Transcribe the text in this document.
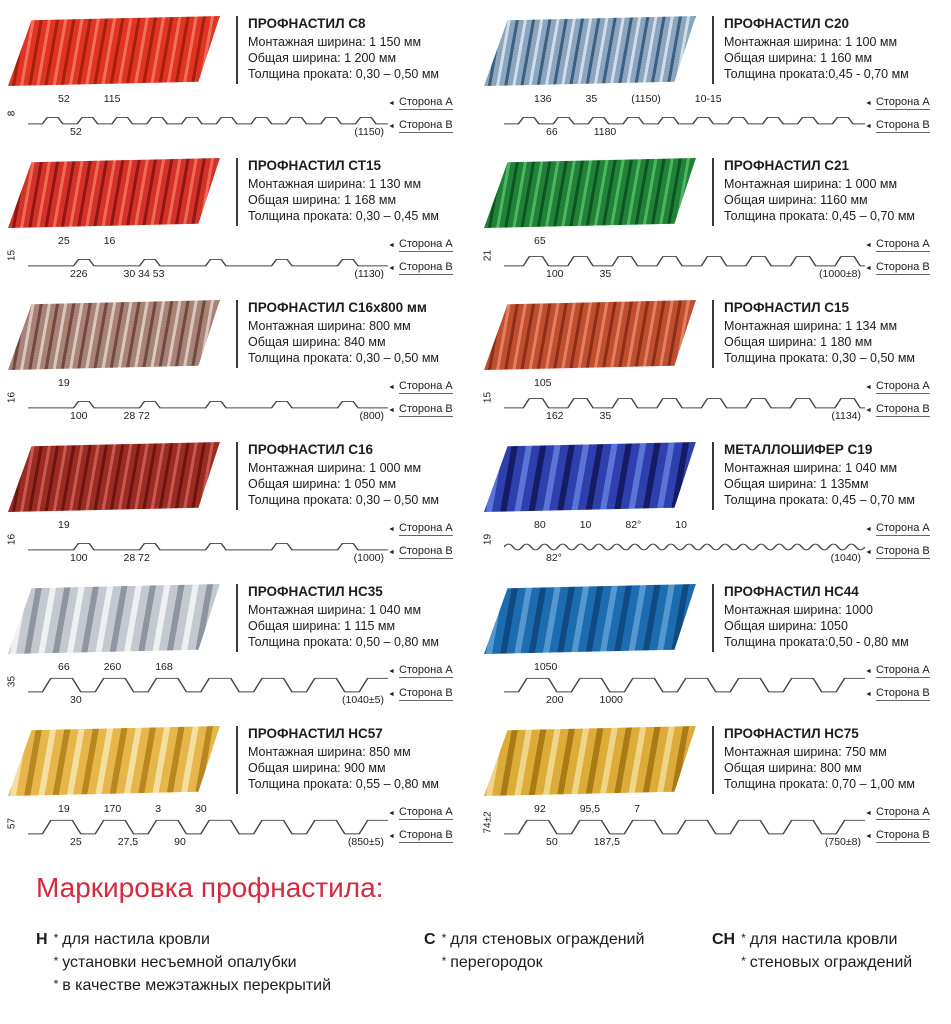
ПРОФНАСТИЛ С8
Монтажная ширина: 1 150 мм
Общая ширина: 1 200 мм
Толщина проката: 0,30 – 0,50 мм
8
52	115
52	(1150)
◄ Сторона А
◄ Сторона В
ПРОФНАСТИЛ С20
Монтажная ширина: 1 100 мм
Общая ширина: 1 160 мм
Толщина проката:0,45 - 0,70 мм
136	35	(1150)	10-15
66	1180
◄ Сторона А
◄ Сторона В
ПРОФНАСТИЛ СТ15
Монтажная ширина: 1 130 мм
Общая ширина: 1 168 мм
Толщина проката: 0,30 – 0,45 мм
15
25	16
226	30 34 53	(1130)
◄ Сторона А
◄ Сторона В
ПРОФНАСТИЛ С21
Монтажная ширина: 1 000 мм
Общая ширина: 1160 мм
Толщина проката: 0,45 – 0,70 мм
21
65
100	35	(1000±8)
◄ Сторона А
◄ Сторона В
ПРОФНАСТИЛ С16х800 мм
Монтажная ширина: 800 мм
Общая ширина: 840 мм
Толщина проката: 0,30 – 0,50 мм
16
19
100	28 72	(800)
◄ Сторона А
◄ Сторона В
ПРОФНАСТИЛ С15
Монтажная ширина: 1 134 мм
Общая ширина: 1 180 мм
Толщина проката: 0,30 – 0,50 мм
15
105
162	35	(1134)
◄ Сторона А
◄ Сторона В
ПРОФНАСТИЛ С16
Монтажная ширина: 1 000 мм
Общая ширина: 1 050 мм
Толщина проката: 0,30 – 0,50 мм
16
19
100	28 72	(1000)
◄ Сторона А
◄ Сторона В
МЕТАЛЛОШИФЕР С19
Монтажная ширина: 1 040 мм
Общая ширина: 1 135мм
Толщина проката: 0,45 – 0,70 мм
19
80	10	82°	10
82°	(1040)
◄ Сторона А
◄ Сторона В
ПРОФНАСТИЛ НС35
Монтажная ширина: 1 040 мм
Общая ширина: 1 115 мм
Толщина проката: 0,50 – 0,80 мм
35
66	260	168
30	(1040±5)
◄ Сторона А
◄ Сторона В
ПРОФНАСТИЛ НС44
Монтажная ширина: 1000
Общая ширина: 1050
Толщина проката:0,50 - 0,80 мм
1050
200	1000
◄ Сторона А
◄ Сторона В
ПРОФНАСТИЛ НС57
Монтажная ширина: 850 мм
Общая ширина: 900 мм
Толщина проката: 0,55 – 0,80 мм
57
19	170	3	30
25	27,5	90	(850±5)
◄ Сторона А
◄ Сторона В
ПРОФНАСТИЛ НС75
Монтажная ширина: 750 мм
Общая ширина: 800 мм
Толщина проката: 0,70 – 1,00 мм
74±2
92	95,5	7
50	187,5	(750±8)
◄ Сторона А
◄ Сторона В
Маркировка профнастила:
Н * для настила кровли
* установки несъемной опалубки
* в качестве межэтажных перекрытий
С * для стеновых ограждений
* перегородок
СН * для настила кровли
* стеновых ограждений
